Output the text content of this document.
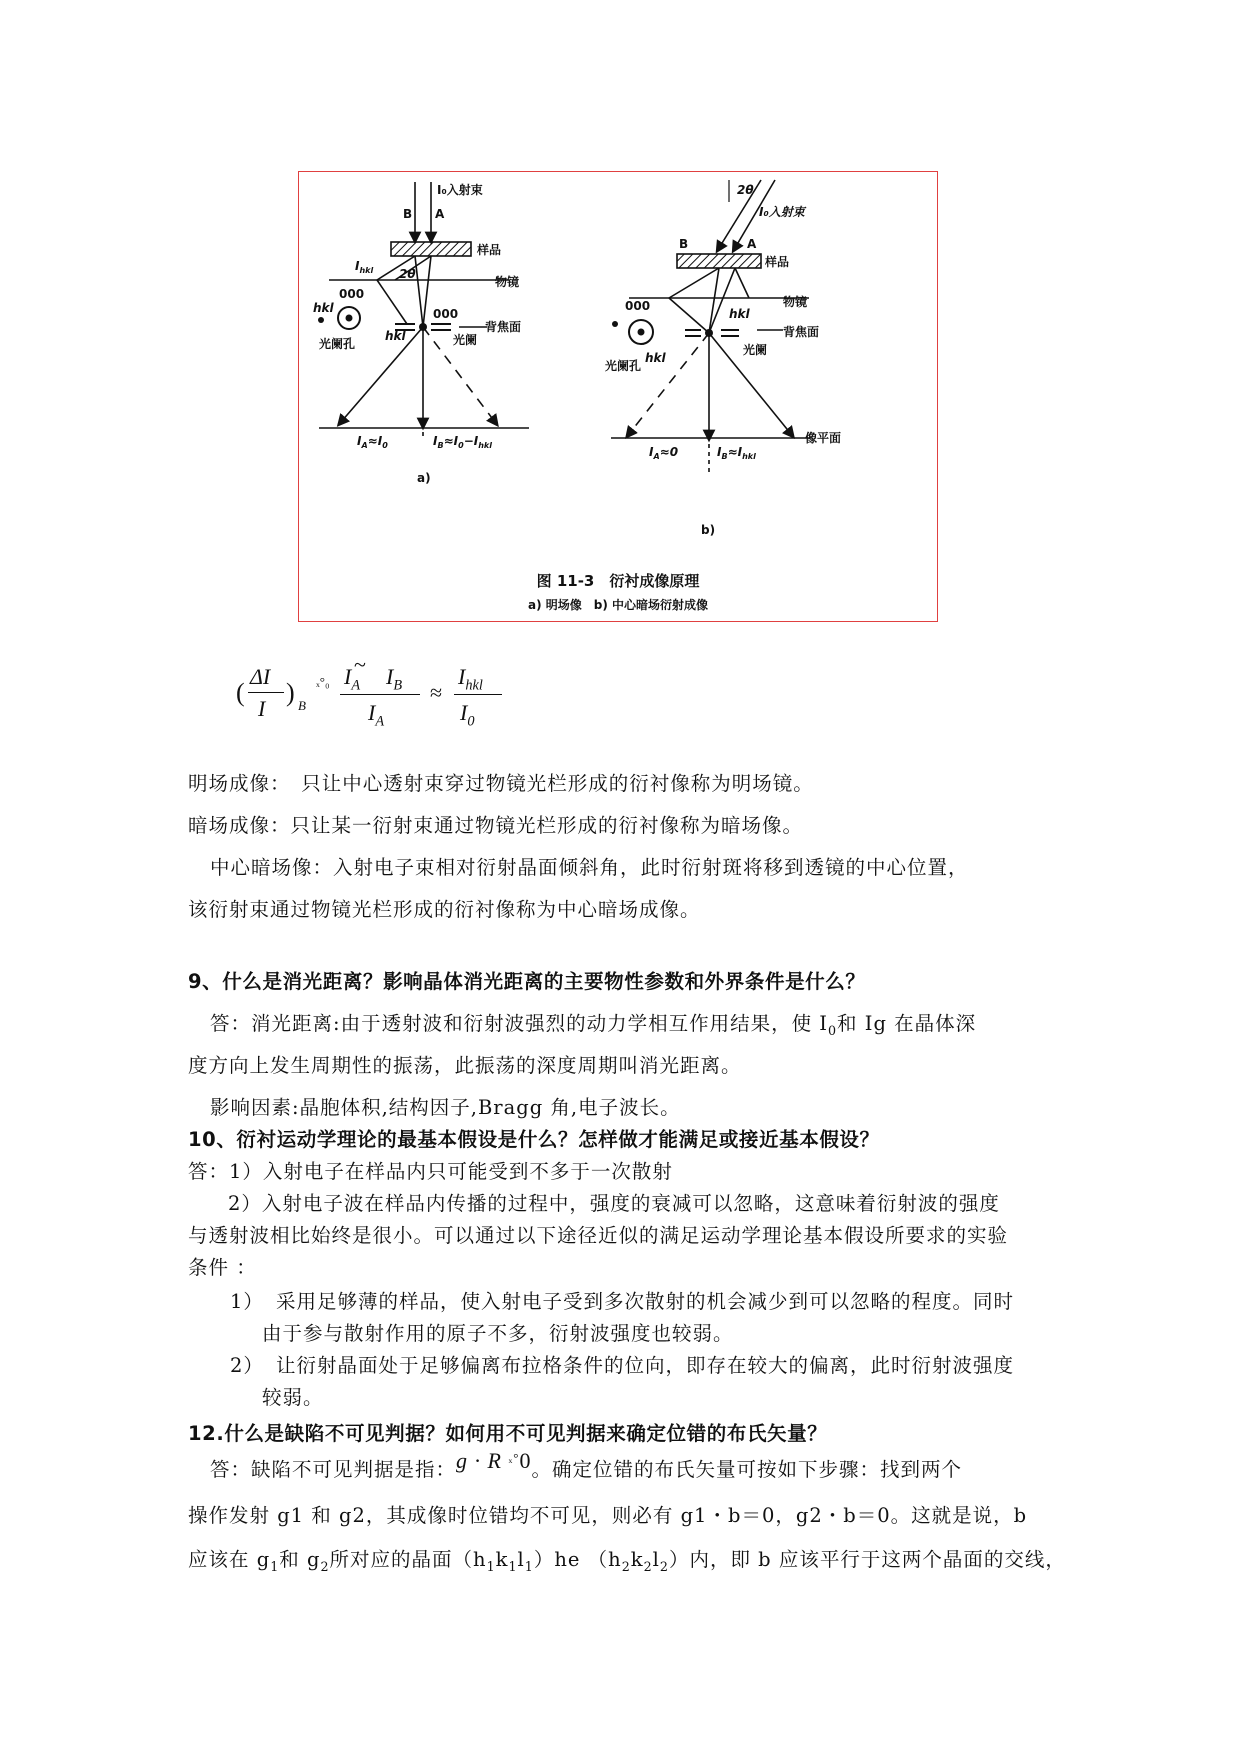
I₀入射束
A
B
样品
物镜
背焦面
光阑
光阑孔
hkl
000
000
hkl
2θ
$I_{hkl}$
$I_A\approx I_0$	$I_B\approx I_0-I_{hkl}$
a)
I₀入射束
2θ
A
B
样品
物镜
背焦面
光阑
光阑孔
000
hkl
hkl
像平面
$I_A\approx 0$	$I_B\approx I_{hkl}$
b)
图 11-3　衍衬成像原理
a) 明场像　b) 中心暗场衍射成像
(
ΔI
I
) B
ₓ°₀
~
$I_A$ $I_B$
$I_A$
≈
$I_{hkl}$
$I_0$
明场成像：　只让中心透射束穿过物镜光栏形成的衍衬像称为明场镜。
暗场成像：只让某一衍射束通过物镜光栏形成的衍衬像称为暗场像。
中心暗场像：入射电子束相对衍射晶面倾斜角，此时衍射斑将移到透镜的中心位置，
该衍射束通过物镜光栏形成的衍衬像称为中心暗场成像。
9、什么是消光距离？影响晶体消光距离的主要物性参数和外界条件是什么？
答：消光距离:由于透射波和衍射波强烈的动力学相互作用结果，使 $I_0$和 Ig 在晶体深
度方向上发生周期性的振荡，此振荡的深度周期叫消光距离。
影响因素:晶胞体积,结构因子,Bragg 角,电子波长。
10、衍衬运动学理论的最基本假设是什么？怎样做才能满足或接近基本假设？
答：1）入射电子在样品内只可能受到不多于一次散射
2）入射电子波在样品内传播的过程中，强度的衰减可以忽略，这意味着衍射波的强度
与透射波相比始终是很小。可以通过以下途径近似的满足运动学理论基本假设所要求的实验
条件 ：
1） 采用足够薄的样品，使入射电子受到多次散射的机会减少到可以忽略的程度。同时
由于参与散射作用的原子不多，衍射波强度也较弱。
2） 让衍射晶面处于足够偏离布拉格条件的位向，即存在较大的偏离，此时衍射波强度
较弱。
12.什么是缺陷不可见判据？如何用不可见判据来确定位错的布氏矢量？
答：缺陷不可见判据是指：g · R $^{_x^\circ}$0。确定位错的布氏矢量可按如下步骤：找到两个
操作发射 g1 和 g2，其成像时位错均不可见，则必有 g1・b＝0，g2・b＝0。这就是说，b
应该在 $g_1$和 $g_2$所对应的晶面$(h_1k_1l_1)he$ $(h_2k_2l_2)$内，即 b 应该平行于这两个晶面的交线，
